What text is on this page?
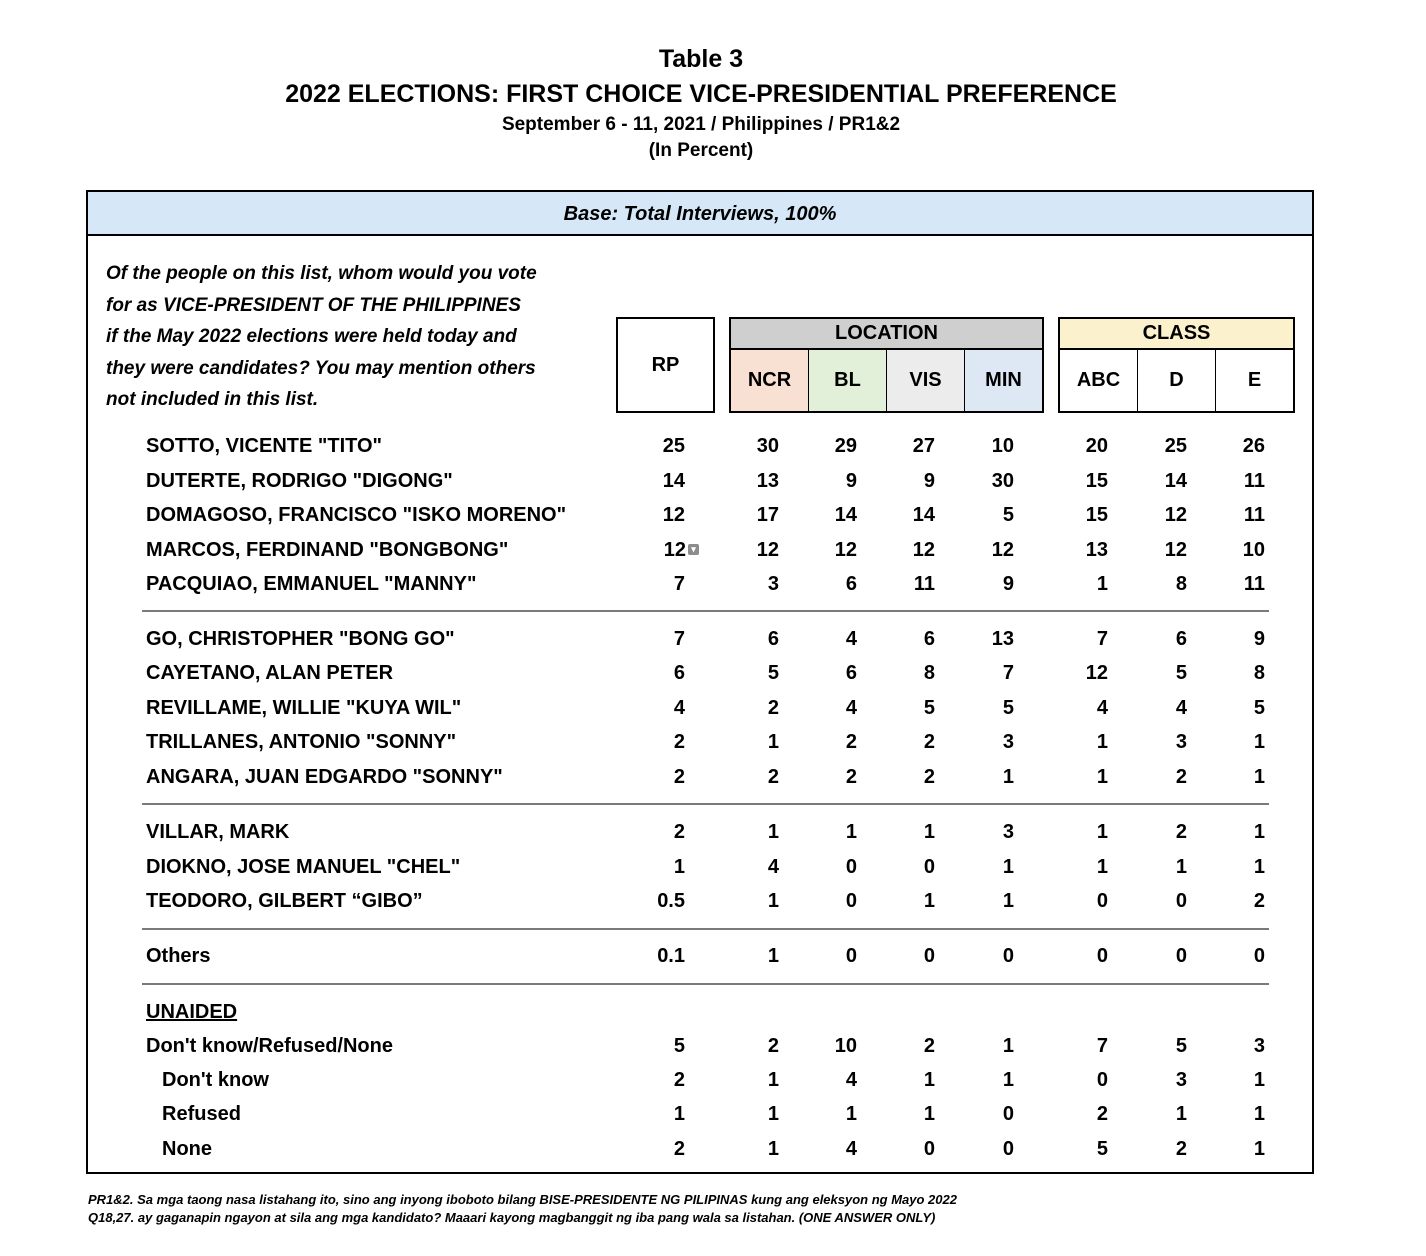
Table 3
2022 ELECTIONS: FIRST CHOICE VICE-PRESIDENTIAL PREFERENCE
September 6 - 11, 2021 / Philippines / PR1&2
(In Percent)
Base: Total Interviews, 100%
Of the people on this list, whom would you vote
for as VICE-PRESIDENT OF THE PHILIPPINES
if the May 2022 elections were held today and
they were candidates? You may mention others
not included in this list.
RP
LOCATION
NCR	BL	VIS	MIN
CLASS
ABC	D	E
SOTTO, VICENTE "TITO"	25	30	29	27	10	20	25	26
DUTERTE, RODRIGO "DIGONG"	14	13	9	9	30	15	14	11
DOMAGOSO, FRANCISCO "ISKO MORENO"	12	17	14	14	5	15	12	11
MARCOS, FERDINAND "BONGBONG"	12 ▾	12	12	12	12	13	12	10
PACQUIAO, EMMANUEL "MANNY"	7	3	6	11	9	1	8	11
GO, CHRISTOPHER "BONG GO"	7	6	4	6	13	7	6	9
CAYETANO, ALAN PETER	6	5	6	8	7	12	5	8
REVILLAME, WILLIE "KUYA WIL"	4	2	4	5	5	4	4	5
TRILLANES, ANTONIO "SONNY"	2	1	2	2	3	1	3	1
ANGARA, JUAN EDGARDO "SONNY"	2	2	2	2	1	1	2	1
VILLAR, MARK	2	1	1	1	3	1	2	1
DIOKNO, JOSE MANUEL "CHEL"	1	4	0	0	1	1	1	1
TEODORO, GILBERT “GIBO”	0.5	1	0	1	1	0	0	2
Others	0.1	1	0	0	0	0	0	0
UNAIDED
Don't know/Refused/None	5	2	10	2	1	7	5	3
Don't know	2	1	4	1	1	0	3	1
Refused	1	1	1	1	0	2	1	1
None	2	1	4	0	0	5	2	1
PR1&2. Sa mga taong nasa listahang ito, sino ang inyong iboboto bilang BISE-PRESIDENTE NG PILIPINAS kung ang eleksyon ng Mayo 2022
Q18,27. ay gaganapin ngayon at sila ang mga kandidato? Maaari kayong magbanggit ng iba pang wala sa listahan. (ONE ANSWER ONLY)
